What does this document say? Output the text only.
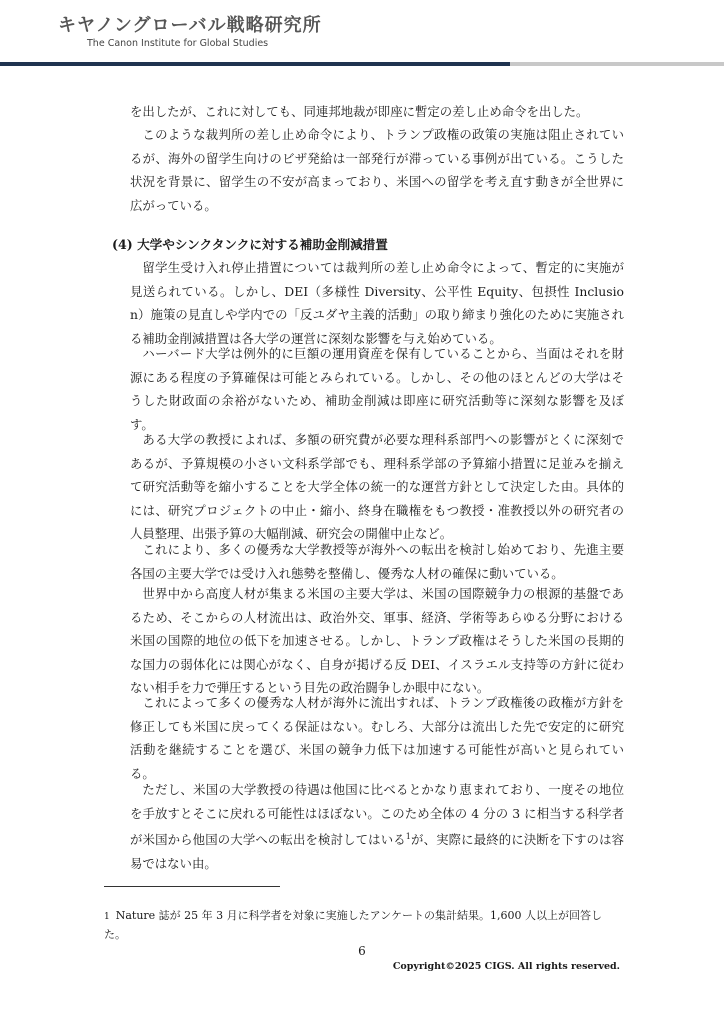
キヤノングローバル戦略研究所
The Canon Institute for Global Studies
を出したが、これに対しても、同連邦地裁が即座に暫定の差し止め命令を出した。
このような裁判所の差し止め命令により、トランプ政権の政策の実施は阻止されているが、海外の留学生向けのビザ発給は一部発行が滞っている事例が出ている。こうした状況を背景に、留学生の不安が高まっており、米国への留学を考え直す動きが全世界に広がっている。
(4) 大学やシンクタンクに対する補助金削減措置
留学生受け入れ停止措置については裁判所の差し止め命令によって、暫定的に実施が見送られている。しかし、DEI（多様性 Diversity、公平性 Equity、包摂性 Inclusion）施策の見直しや学内での「反ユダヤ主義的活動」の取り締まり強化のために実施される補助金削減措置は各大学の運営に深刻な影響を与え始めている。
ハーバード大学は例外的に巨額の運用資産を保有していることから、当面はそれを財源にある程度の予算確保は可能とみられている。しかし、その他のほとんどの大学はそうした財政面の余裕がないため、補助金削減は即座に研究活動等に深刻な影響を及ぼす。
ある大学の教授によれば、多額の研究費が必要な理科系部門への影響がとくに深刻であるが、予算規模の小さい文科系学部でも、理科系学部の予算縮小措置に足並みを揃えて研究活動等を縮小することを大学全体の統一的な運営方針として決定した由。具体的には、研究プロジェクトの中止・縮小、終身在職権をもつ教授・准教授以外の研究者の人員整理、出張予算の大幅削減、研究会の開催中止など。
これにより、多くの優秀な大学教授等が海外への転出を検討し始めており、先進主要各国の主要大学では受け入れ態勢を整備し、優秀な人材の確保に動いている。
世界中から高度人材が集まる米国の主要大学は、米国の国際競争力の根源的基盤であるため、そこからの人材流出は、政治外交、軍事、経済、学術等あらゆる分野における米国の国際的地位の低下を加速させる。しかし、トランプ政権はそうした米国の長期的な国力の弱体化には関心がなく、自身が掲げる反 DEI、イスラエル支持等の方針に従わない相手を力で弾圧するという目先の政治闘争しか眼中にない。
これによって多くの優秀な人材が海外に流出すれば、トランプ政権後の政権が方針を修正しても米国に戻ってくる保証はない。むしろ、大部分は流出した先で安定的に研究活動を継続することを選び、米国の競争力低下は加速する可能性が高いと見られている。
ただし、米国の大学教授の待遇は他国に比べるとかなり恵まれており、一度その地位を手放すとそこに戻れる可能性はほぼない。このため全体の 4 分の 3 に相当する科学者が米国から他国の大学への転出を検討してはいる$^1$が、実際に最終的に決断を下すのは容易ではない由。
1 Nature 誌が 25 年 3 月に科学者を対象に実施したアンケートの集計結果。1,600 人以上が回答した。
6
Copyright©2025 CIGS. All rights reserved.
